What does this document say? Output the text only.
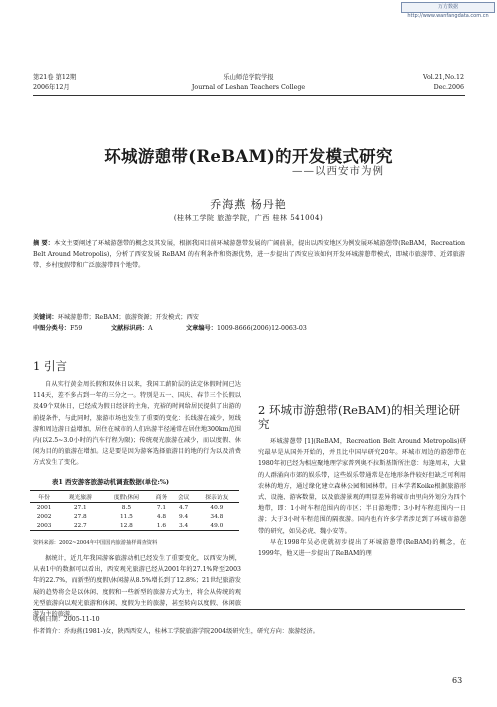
万方数据 http://www.wanfangdata.com.cn
第21卷 第12期
2006年12月
乐山师范学院学报
Journal of Leshan Teachers College
Vol.21,No.12
Dec.2006
环城游憩带(ReBAM)的开发模式研究
——以西安市为例
乔海燕 杨丹艳
(桂林工学院 旅游学院，广西 桂林 541004)
摘 要：本文主要阐述了环城游憩带的概念及其发展，根据我国目前环城游憩带发展的广阔前景，提出以西安地区为例发展环城游憩带(ReBAM，Recreation Belt Around Metropolis)，分析了西安发展 ReBAM 的有利条件和资源优势，进一步提出了西安应该如何开发环城游憩带模式，即城市旅游带、近郊旅游带、乡村度假带和广泛旅游带四个地带。
关键词：环城游憩带；ReBAM；旅游资源；开发模式；西安
中图分类号：F59	文献标识码：A	文章编号：1009-8666(2006)12-0063-03
1 引言

自从实行黄金周长假和双休日以来，我国工薪阶层的法定休假时间已达114天，差不多占到一年的三分之一。特别是五一、国庆、春节三个长假以及49个双休日，已经成为假日经济的主角，充裕的时间给居民提供了出游的前提条件，与此同时，旅游市场也发生了重要的变化：长线游在减少，短线游和周边游日益增加，居住在城市的人们出游半径通常在居住地300km范围内(以2.5~3.0小时的汽车行程为限)；传统观光旅游在减少，而以度假、休闲为目的的旅游在增加。这是要是因为游客选择旅游目的地的行为以及消费方式发生了变化。

表1 西安游客旅游动机调查数据(单位:%)
年份	观光旅游	度假\休闲	商务	会议	探亲访友
2001	27.1	8.5	7.1	4.7	40.9
2002	27.8	11.5	4.8	9.4	34.8
2003	22.7	12.8	1.6	3.4	49.0
资料来源：2002~2004年中国国内旅游抽样调查资料

据统计，近几年我国游客旅游动机已经发生了重要变化，以西安为例，从表1中的数据可以看出，西安观光旅游已经从2001年的27.1%降至2003年的22.7%，而新型的度假\休闲游从8.5%增长到了12.8%；21世纪旅游发展的趋势将会是以休闲、度假和一些新型的旅游方式为主，将会从传统的观光型旅游向以观光旅游和休闲、度假为主的旅游，甚至转向以度假、休闲旅游为主的旅游。

2 环城市游憩带(ReBAM)的相关理论研究

环城游憩带 [1](ReBAM，Recreation Belt Around Metropolis)研究最早是从国外开始的，并且比中国早研究20年。环城市周边的游憩带在1980年初已经为相应聚地理学家普列奥不拉斯基斯所注意：每逢周末，大量的人群涌向市郊的娱乐带，这些娱乐带通常是在地形条件较好但缺乏可利用农林的地方，通过缘化建立森林公园和园林带。日本学者Koike根据旅游形式、设施、游客数量，以及旅游景观的明显差异将城市由里向外划分为四个地带，即：1小时车程范围内的市区；半日游地带；3小时车程范围内一日游；大于3小时车程范围的隔夜游。国内也有许多学者涉足到了环城市游憩带的研究，如吴必虎、魏小安等。

早在1998年吴必虎就初步提出了环城游憩带(ReBAM)的概念，在1999年，他又进一步提出了ReBAM的理

收稿日期：2005-11-10
作者简介：乔海燕(1981-)女，陕西西安人，桂林工学院旅游学院2004级研究生，研究方向：旅游经济。
63
